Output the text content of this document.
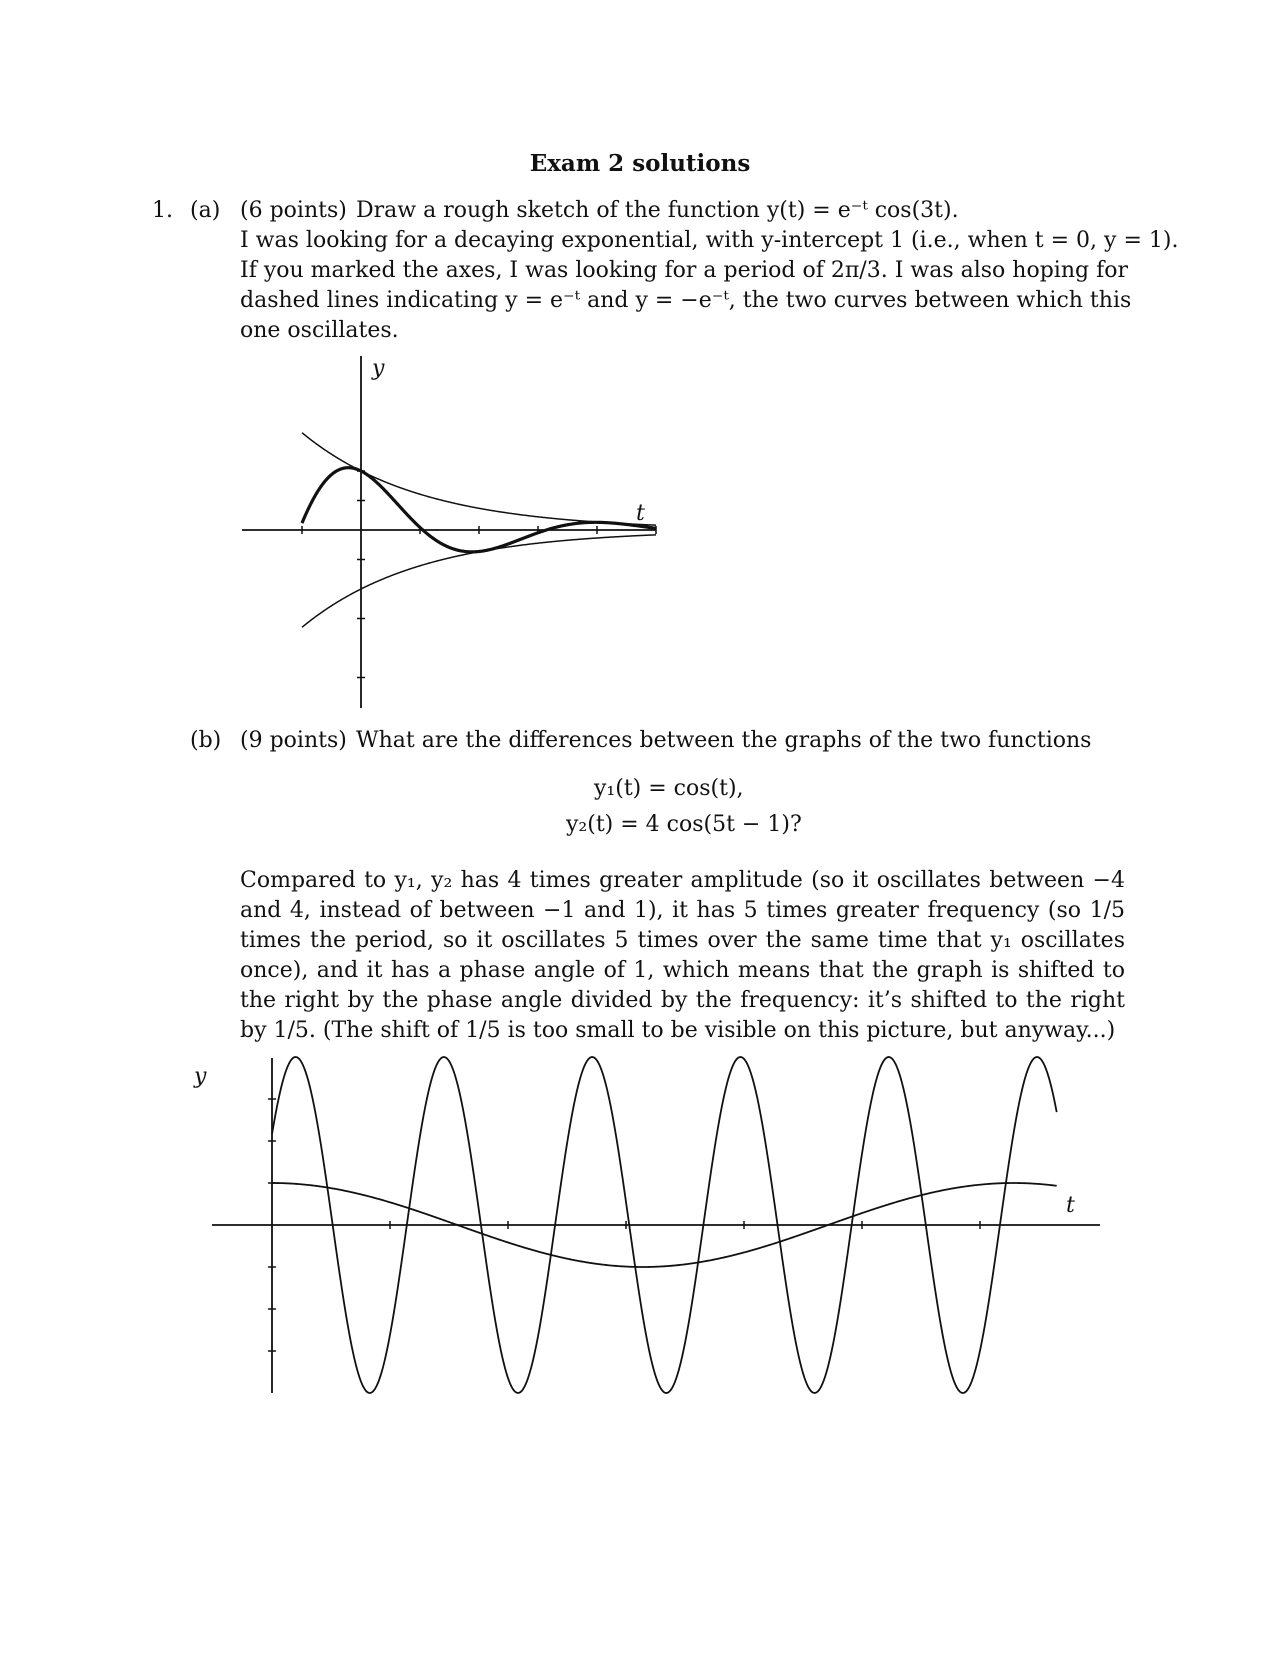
Exam 2 solutions
1. (a) (6 points) Draw a rough sketch of the function y(t) = e⁻ᵗ cos(3t).
I was looking for a decaying exponential, with y-intercept 1 (i.e., when t = 0, y = 1).
If you marked the axes, I was looking for a period of 2π/3. I was also hoping for
dashed lines indicating y = e⁻ᵗ and y = −e⁻ᵗ, the two curves between which this
one oscillates.
y
t
(b) (9 points) What are the differences between the graphs of the two functions
y₁(t) = cos(t),
y₂(t) = 4 cos(5t − 1)?
Compared to y₁, y₂ has 4 times greater amplitude (so it oscillates between −4 and 4, instead of between −1 and 1), it has 5 times greater frequency (so 1/5 times the period, so it oscillates 5 times over the same time that y₁ oscillates once), and it has a phase angle of 1, which means that the graph is shifted to the right by the phase angle divided by the frequency: it’s shifted to the right by 1/5. (The shift of 1/5 is too small to be visible on this picture, but anyway...)
y
t
